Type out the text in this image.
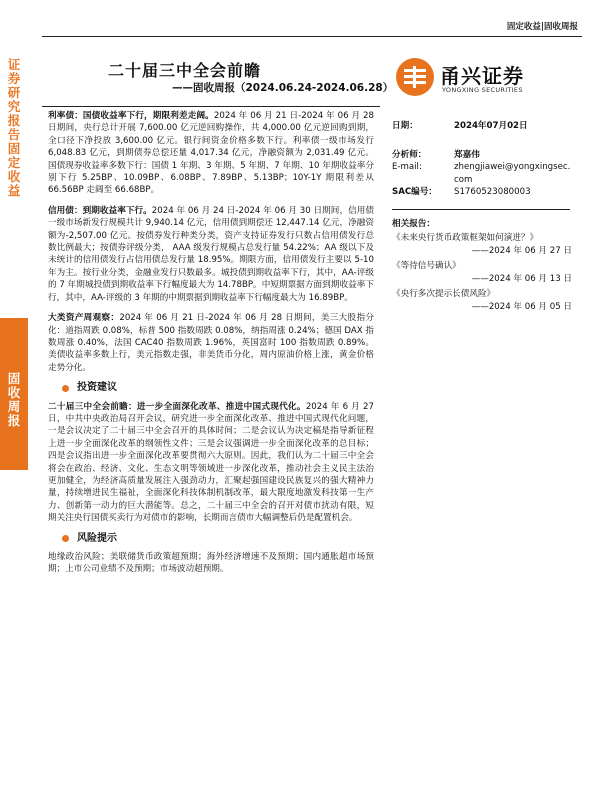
固定收益|固收周报
证券研究报告固定收益
固收周报
二十届三中全会前瞻
——固收周报（2024.06.24-2024.06.28） 甬兴证券
YONGXING SECURITIES

利率债：国债收益率下行，期限利差走阔。2024 年 06 月 21 日-2024 年 06 月 28 日期间，央行总计开展 7,600.00 亿元逆回购操作，共 4,000.00 亿元逆回购到期，全口径下净投放 3,600.00 亿元。银行间资金价格多数下行。利率债一级市场发行 6,048.83 亿元，到期债券总偿还量 4,017.34 亿元，净融资额为 2,031.49 亿元。国债现券收益率多数下行：国债 1 年期、3 年期、5 年期、7 年期、10 年期收益率分别下行 5.25BP、10.09BP、6.08BP、7.89BP、5.13BP；10Y-1Y 期限利差从 66.56BP 走阔至 66.68BP。

信用债：到期收益率下行。2024 年 06 月 24 日-2024 年 06 月 30 日期间，信用债一级市场新发行规模共计 9,940.14 亿元，信用债到期偿还 12,447.14 亿元，净融资额为-2,507.00 亿元。按债券发行种类分类，资产支持证券发行只数占信用债发行总数比例最大；按债券评级分类， AAA 级发行规模占总发行量 54.22%；AA 级以下及未统计的信用债发行占信用债总发行量 18.95%。期限方面，信用债发行主要以 5-10 年为主。按行业分类，金融业发行只数最多。城投债到期收益率下行，其中，AA-评级的 7 年期城投债到期收益率下行幅度最大为 14.78BP。中短期票据方面到期收益率下行，其中，AA-评级的 3 年期的中期票据到期收益率下行幅度最大为 16.89BP。

大类资产周观察：2024 年 06 月 21 日-2024 年 06 月 28 日期间，美三大股指分化：道指周跌 0.08%，标普 500 指数周跌 0.08%，纳指周涨 0.24%；德国 DAX 指数周涨 0.40%，法国 CAC40 指数周跌 1.96%，英国富时 100 指数周跌 0.89%。美债收益率多数上行，美元指数走强，非美货币分化，周内原油价格上涨，黄金价格走势分化。

投资建议

二十届三中全会前瞻：进一步全面深化改革、推进中国式现代化。2024 年 6 月 27 日，中共中央政治局召开会议，研究进一步全面深化改革、推进中国式现代化问题，一是会议决定了二十届三中全会召开的具体时间；二是会议认为决定稿是指导新征程上进一步全面深化改革的纲领性文件；三是会议强调进一步全面深化改革的总目标；四是会议指出进一步全面深化改革要贯彻六大原则。因此，我们认为二十届三中全会将会在政治、经济、文化、生态文明等领域进一步深化改革，推动社会主义民主法治更加健全，为经济高质量发展注入强劲动力，汇聚起强国建设民族复兴的强大精神力量，持续增进民生福祉，全面深化科技体制机制改革，最大限度地激发科技第一生产力、创新第一动力的巨大潜能等。总之，二十届三中全会的召开对债市扰动有限，短期关注央行国债买卖行为对债市的影响，长期而言债市大幅调整后仍是配置机会。

风险提示

地缘政治风险；美联储货币政策超预期；海外经济增速不及预期；国内通胀超市场预期；上市公司业绩不及预期；市场波动超预期。

日期：	2024年07月02日
分析师：	郑嘉伟
E-mail:	zhengjiawei@yongxingsec.com
SAC编号：	S1760523080003
相关报告：
《未来央行货币政策框架如何演进？》
——2024 年 06 月 27 日
《等待信号确认》
——2024 年 06 月 13 日
《央行多次提示长债风险》
——2024 年 06 月 05 日
